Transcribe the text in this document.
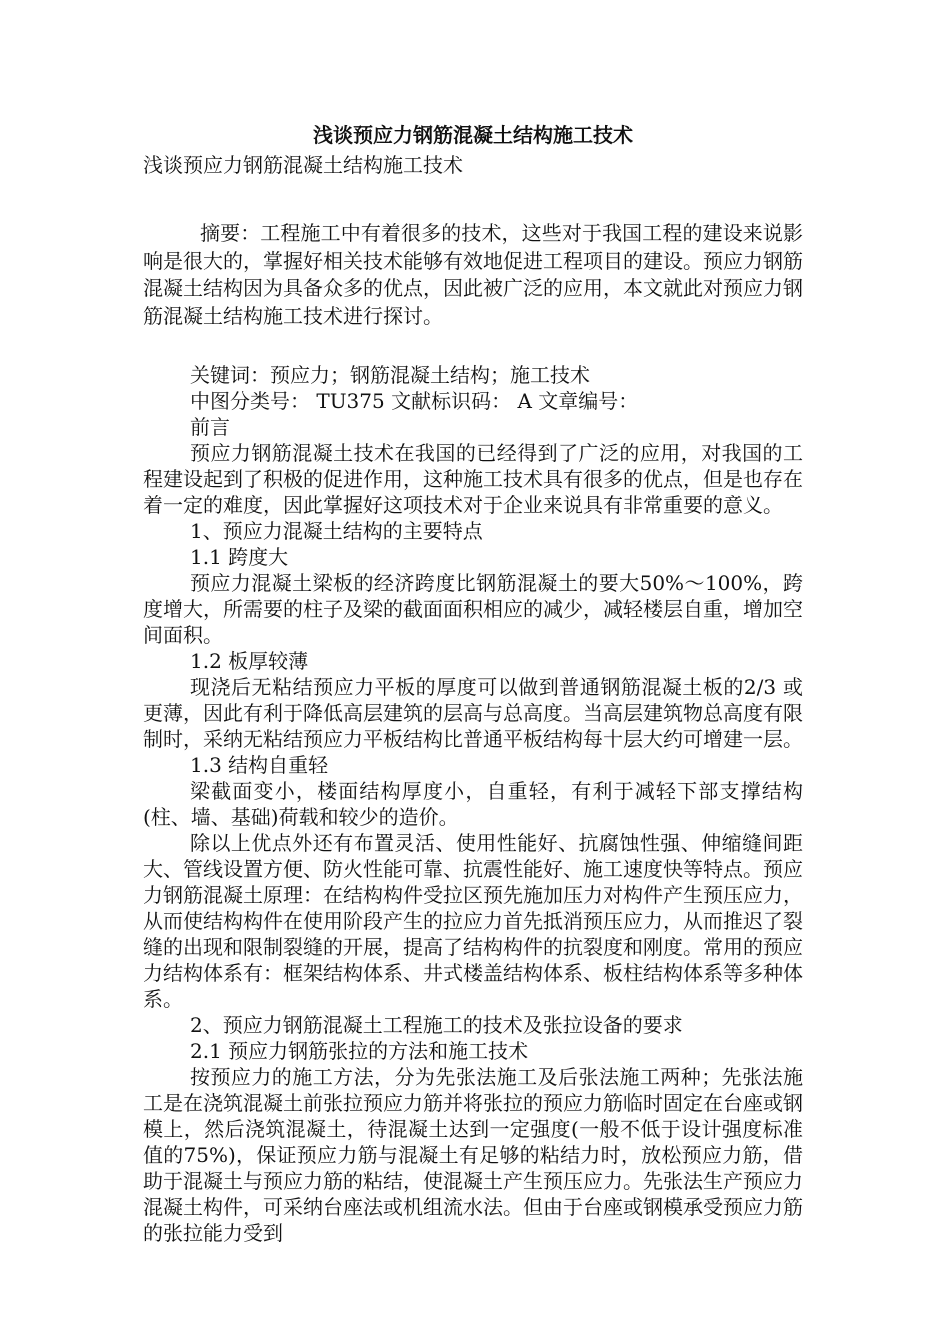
浅谈预应力钢筋混凝土结构施工技术

浅谈预应力钢筋混凝土结构施工技术

摘要：工程施工中有着很多的技术，这些对于我国工程的建设来说影响是很大的，掌握好相关技术能够有效地促进工程项目的建设。预应力钢筋混凝土结构因为具备众多的优点，因此被广泛的应用，本文就此对预应力钢筋混凝土结构施工技术进行探讨。

关键词：预应力；钢筋混凝土结构；施工技术

中图分类号： TU375 文献标识码： A 文章编号：

前言

预应力钢筋混凝土技术在我国的已经得到了广泛的应用，对我国的工程建设起到了积极的促进作用，这种施工技术具有很多的优点，但是也存在着一定的难度，因此掌握好这项技术对于企业来说具有非常重要的意义。

1、预应力混凝土结构的主要特点

1.1 跨度大

预应力混凝土梁板的经济跨度比钢筋混凝土的要大50%～100%，跨度增大，所需要的柱子及梁的截面面积相应的减少，减轻楼层自重，增加空间面积。

1.2 板厚较薄

现浇后无粘结预应力平板的厚度可以做到普通钢筋混凝土板的2/3 或更薄，因此有利于降低高层建筑的层高与总高度。当高层建筑物总高度有限制时，采纳无粘结预应力平板结构比普通平板结构每十层大约可增建一层。

1.3 结构自重轻

梁截面变小，楼面结构厚度小，自重轻，有利于减轻下部支撑结构(柱、墙、基础)荷载和较少的造价。

除以上优点外还有布置灵活、使用性能好、抗腐蚀性强、伸缩缝间距大、管线设置方便、防火性能可靠、抗震性能好、施工速度快等特点。预应力钢筋混凝土原理：在结构构件受拉区预先施加压力对构件产生预压应力，从而使结构构件在使用阶段产生的拉应力首先抵消预压应力，从而推迟了裂缝的出现和限制裂缝的开展，提高了结构构件的抗裂度和刚度。常用的预应力结构体系有：框架结构体系、井式楼盖结构体系、板柱结构体系等多种体系。

2、预应力钢筋混凝土工程施工的技术及张拉设备的要求

2.1 预应力钢筋张拉的方法和施工技术

按预应力的施工方法，分为先张法施工及后张法施工两种；先张法施工是在浇筑混凝土前张拉预应力筋并将张拉的预应力筋临时固定在台座或钢模上，然后浇筑混凝土，待混凝土达到一定强度(一般不低于设计强度标准值的75%)，保证预应力筋与混凝土有足够的粘结力时，放松预应力筋，借助于混凝土与预应力筋的粘结，使混凝土产生预压应力。先张法生产预应力混凝土构件，可采纳台座法或机组流水法。但由于台座或钢模承受预应力筋的张拉能力受到
